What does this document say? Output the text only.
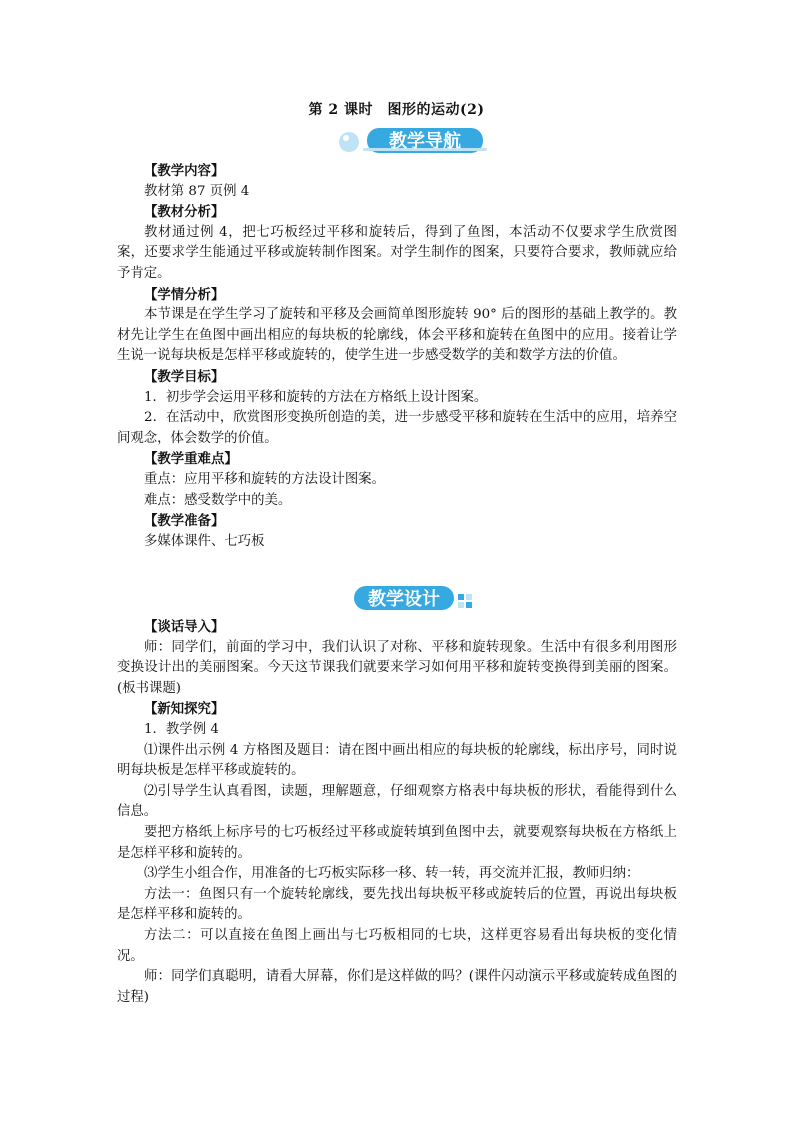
第 2 课时　图形的运动(2)
教学导航

【教学内容】

教材第 87 页例 4

【教材分析】

教材通过例 4，把七巧板经过平移和旋转后，得到了鱼图，本活动不仅要求学生欣赏图案，还要求学生能通过平移或旋转制作图案。对学生制作的图案，只要符合要求，教师就应给予肯定。

【学情分析】

本节课是在学生学习了旋转和平移及会画简单图形旋转 90° 后的图形的基础上教学的。教材先让学生在鱼图中画出相应的每块板的轮廓线，体会平移和旋转在鱼图中的应用。接着让学生说一说每块板是怎样平移或旋转的，使学生进一步感受数学的美和数学方法的价值。

【教学目标】

1．初步学会运用平移和旋转的方法在方格纸上设计图案。

2．在活动中，欣赏图形变换所创造的美，进一步感受平移和旋转在生活中的应用，培养空间观念，体会数学的价值。

【教学重难点】

重点：应用平移和旋转的方法设计图案。

难点：感受数学中的美。

【教学准备】

多媒体课件、七巧板

教学设计

【谈话导入】

师：同学们，前面的学习中，我们认识了对称、平移和旋转现象。生活中有很多利用图形变换设计出的美丽图案。今天这节课我们就要来学习如何用平移和旋转变换得到美丽的图案。(板书课题)

【新知探究】

1．教学例 4

⑴课件出示例 4 方格图及题目：请在图中画出相应的每块板的轮廓线，标出序号，同时说明每块板是怎样平移或旋转的。

⑵引导学生认真看图，读题，理解题意，仔细观察方格表中每块板的形状，看能得到什么信息。

要把方格纸上标序号的七巧板经过平移或旋转填到鱼图中去，就要观察每块板在方格纸上是怎样平移和旋转的。

⑶学生小组合作，用准备的七巧板实际移一移、转一转，再交流并汇报，教师归纳：

方法一：鱼图只有一个旋转轮廓线，要先找出每块板平移或旋转后的位置，再说出每块板是怎样平移和旋转的。

方法二：可以直接在鱼图上画出与七巧板相同的七块，这样更容易看出每块板的变化情况。

师：同学们真聪明，请看大屏幕，你们是这样做的吗？(课件闪动演示平移或旋转成鱼图的过程)
